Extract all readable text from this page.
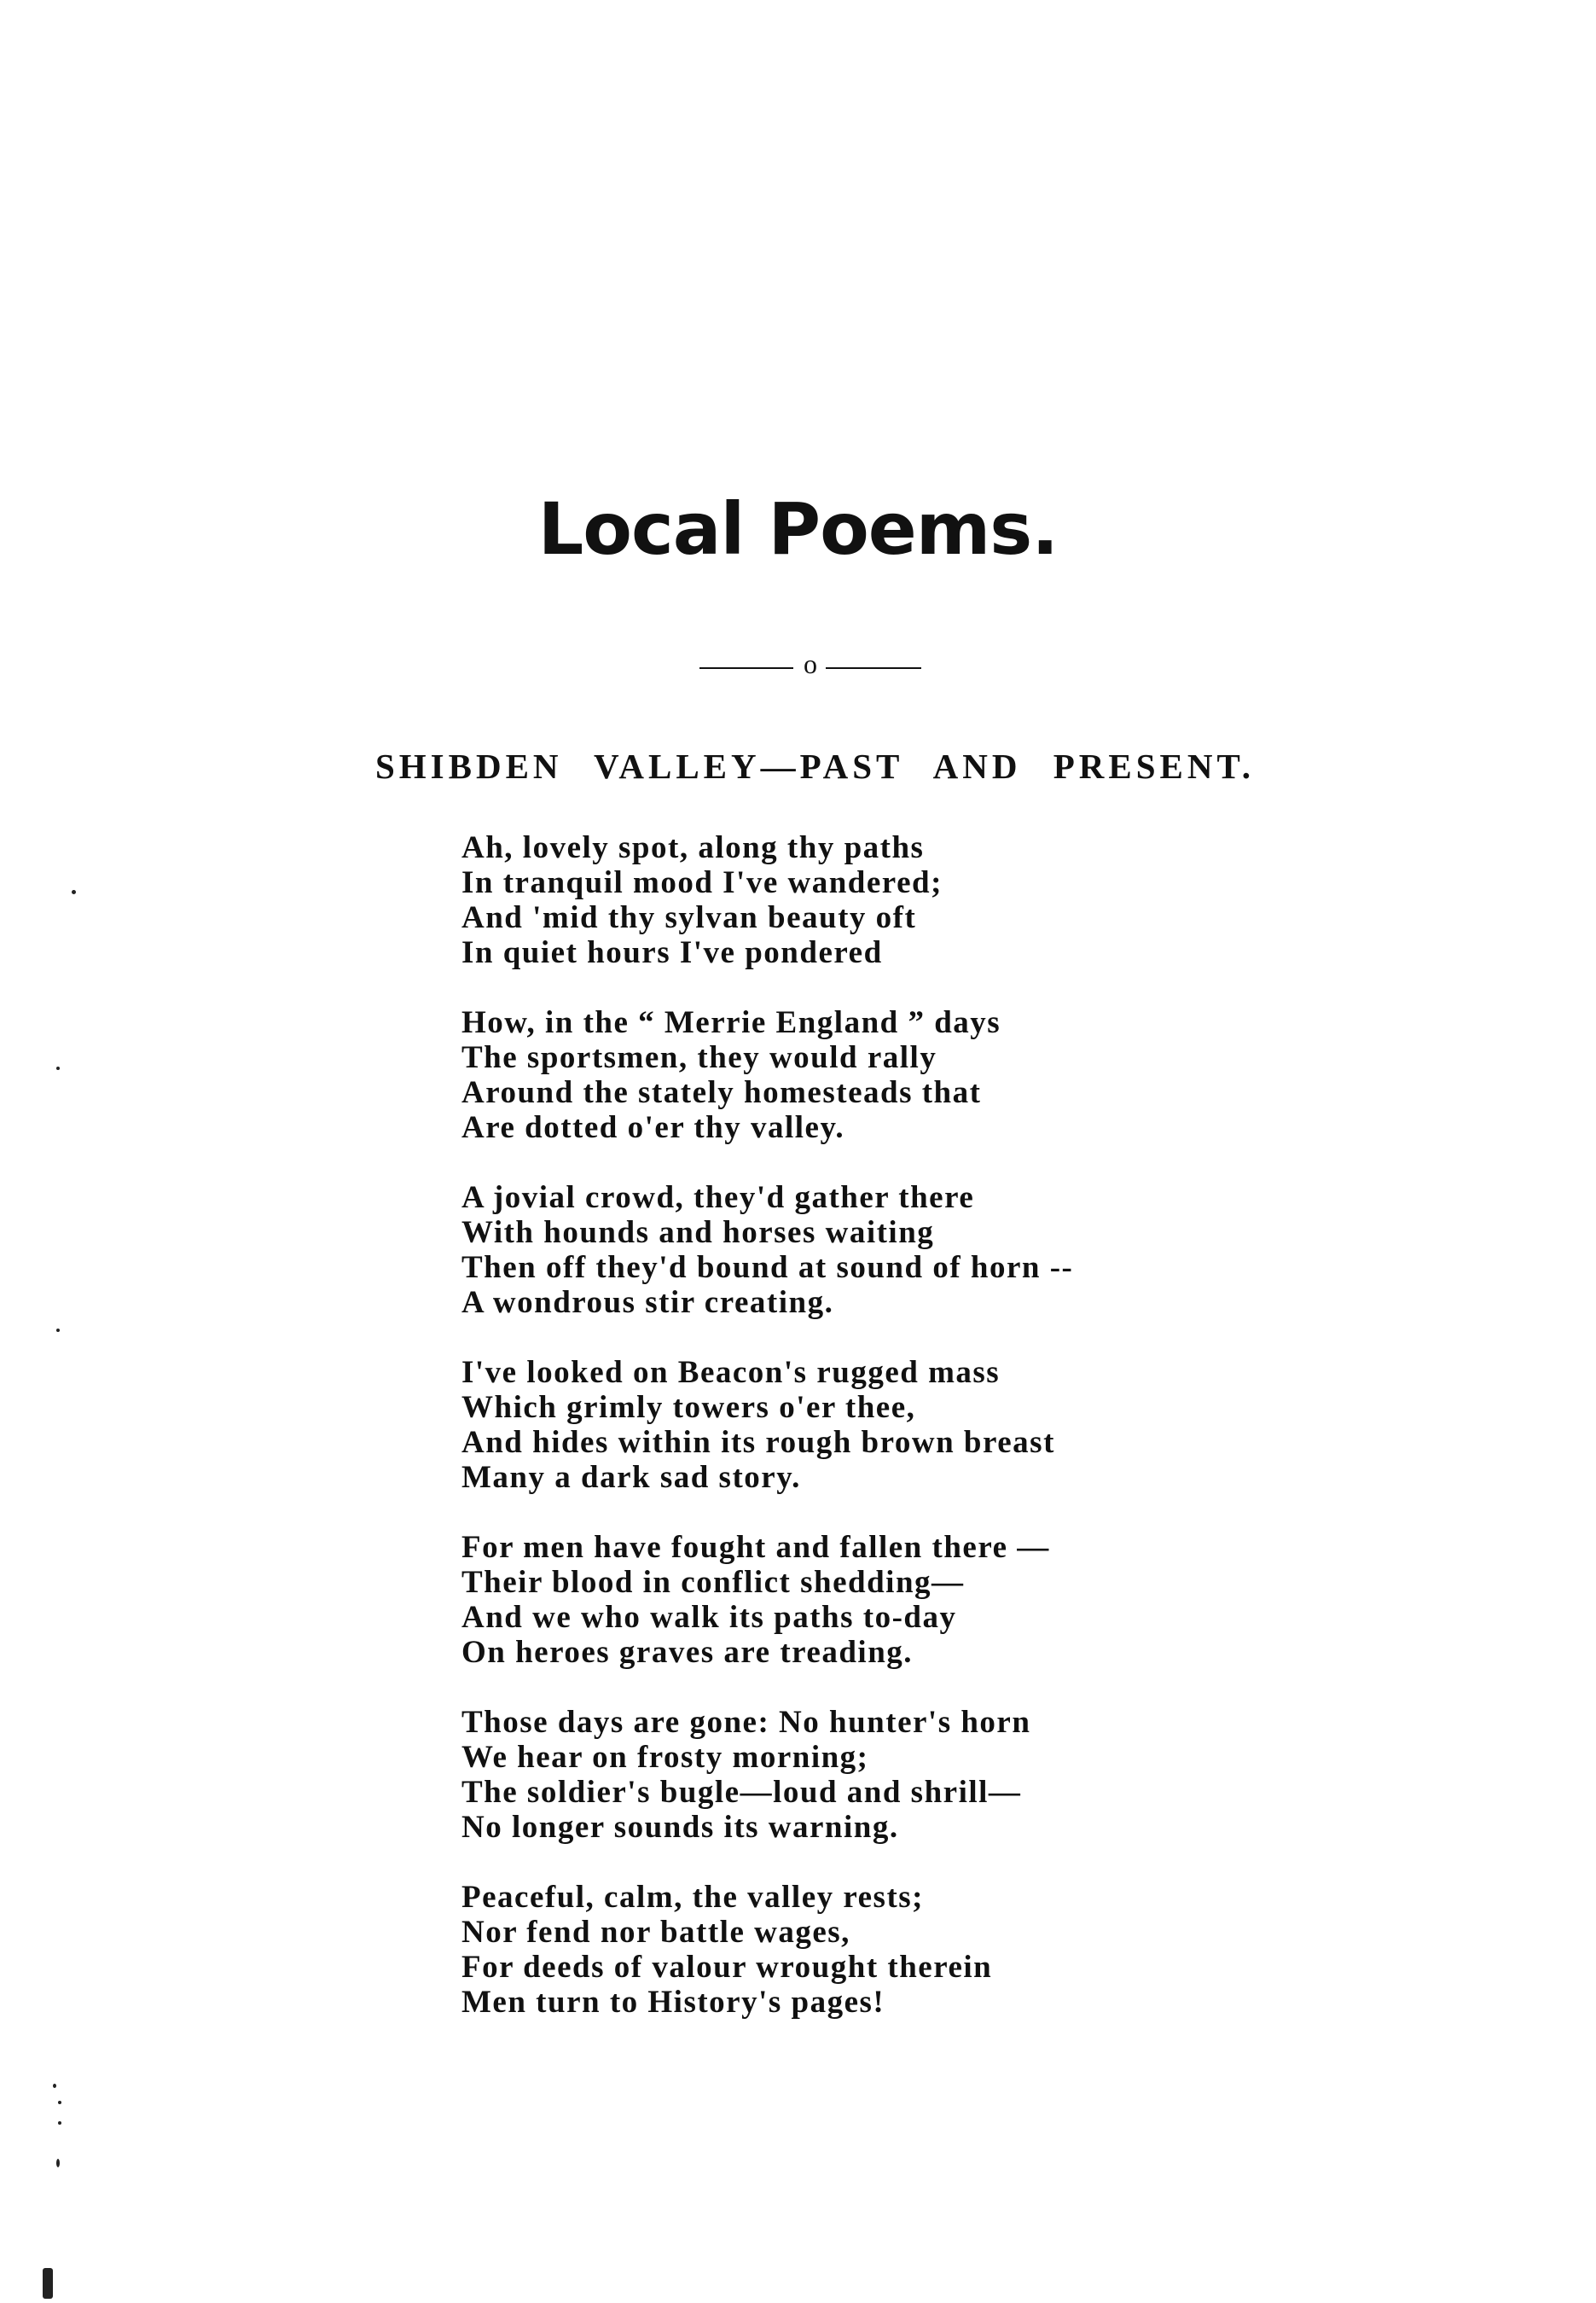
Local Poems.
o
SHIBDEN VALLEY—PAST AND PRESENT.
Ah, lovely spot, along thy paths
In tranquil mood I've wandered;
And 'mid thy sylvan beauty oft
In quiet hours I've pondered
How, in the “ Merrie England ” days
The sportsmen, they would rally
Around the stately homesteads that
Are dotted o'er thy valley.
A jovial crowd, they'd gather there
With hounds and horses waiting
Then off they'd bound at sound of horn --
A wondrous stir creating.
I've looked on Beacon's rugged mass
Which grimly towers o'er thee,
And hides within its rough brown breast
Many a dark sad story.
For men have fought and fallen there —
Their blood in conflict shedding—
And we who walk its paths to-day
On heroes graves are treading.
Those days are gone: No hunter's horn
We hear on frosty morning;
The soldier's bugle—loud and shrill—
No longer sounds its warning.
Peaceful, calm, the valley rests;
Nor fend nor battle wages,
For deeds of valour wrought therein
Men turn to History's pages!
